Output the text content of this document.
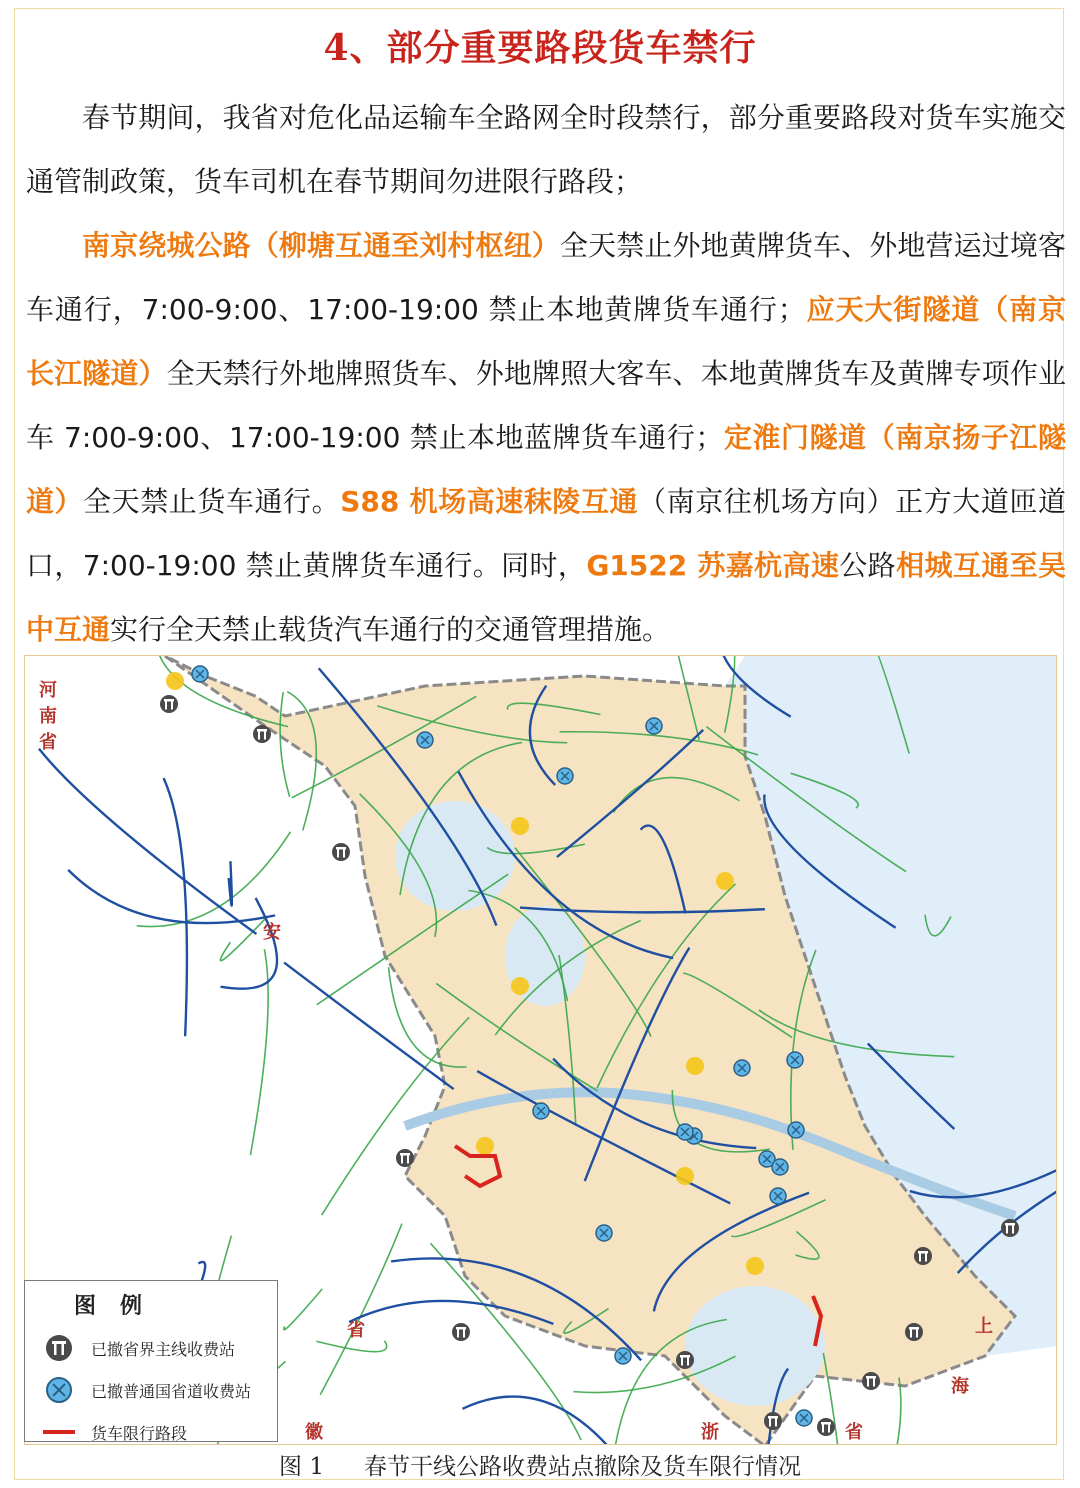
4、部分重要路段货车禁行

春节期间，我省对危化品运输车全路网全时段禁行，部分重要路段对货车实施交通管制政策，货车司机在春节期间勿进限行路段；

南京绕城公路（柳塘互通至刘村枢纽）全天禁止外地黄牌货车、外地营运过境客车通行，7:00-9:00、17:00-19:00 禁止本地黄牌货车通行；应天大街隧道（南京长江隧道）全天禁行外地牌照货车、外地牌照大客车、本地黄牌货车及黄牌专项作业车 7:00-9:00、17:00-19:00 禁止本地蓝牌货车通行；定淮门隧道（南京扬子江隧道）全天禁止货车通行。S88 机场高速秣陵互通（南京往机场方向）正方大道匝道口，7:00-19:00 禁止黄牌货车通行。同时，G1522 苏嘉杭高速公路相城互通至吴中互通实行全天禁止载货汽车通行的交通管理措施。

河南省
安
徽
省	上
海
浙	省
图例
已撤省界主线收费站
已撤普通国省道收费站
货车限行路段
图 1 春节干线公路收费站点撤除及货车限行情况
